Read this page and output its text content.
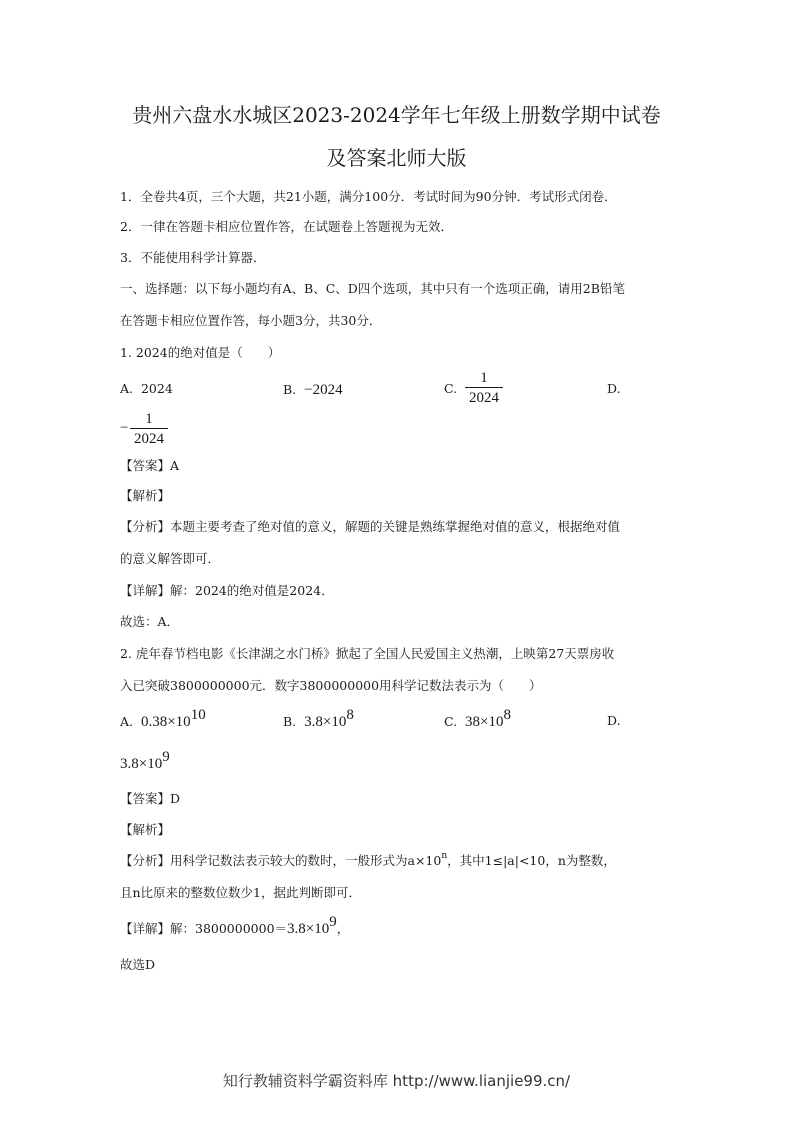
贵州六盘水水城区2023-2024学年七年级上册数学期中试卷
及答案北师大版
1．全卷共4页，三个大题，共21小题，满分100分．考试时间为90分钟．考试形式闭卷．
2．一律在答题卡相应位置作答，在试题卷上答题视为无效．
3．不能使用科学计算器．
一、选择题：以下每小题均有A、B、C、D四个选项，其中只有一个选项正确，请用2B铅笔
在答题卡相应位置作答，每小题3分，共30分．
1. 2024的绝对值是（　　）
A. 2024	B. −2024	C.
1
2024
D.
−
1
2024
【答案】A
【解析】
【分析】本题主要考查了绝对值的意义，解题的关键是熟练掌握绝对值的意义，根据绝对值
的意义解答即可．
【详解】解：2024的绝对值是2024．
故选：A．
2. 虎年春节档电影《长津湖之水门桥》掀起了全国人民爱国主义热潮，上映第27天票房收
入已突破3800000000元．数字3800000000用科学记数法表示为（　　）
A. $0.38\times 10^{10}$	B. $3.8\times 10^8$	C. $38\times 10^8$	D.
$3.8\times 10^9$
【答案】D
【解析】
【分析】用科学记数法表示较大的数时，一般形式为$a\times 10^n$，其中1≤|a|<10，n为整数，
且n比原来的整数位数少1，据此判断即可．
【详解】解：$3800000000=3.8\times 10^9$，
故选D
知行教辅资料学霸资料库 http://www.lianjie99.cn/
